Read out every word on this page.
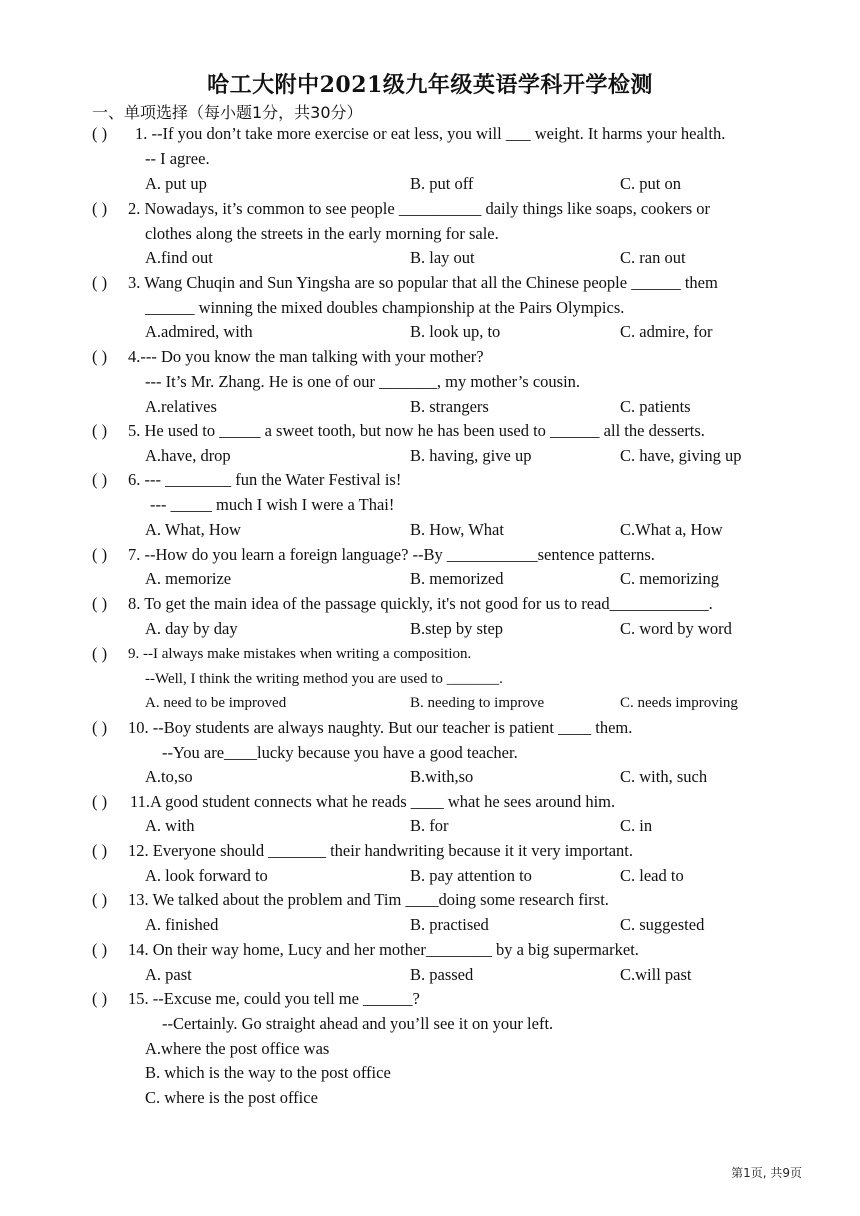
哈工大附中2021级九年级英语学科开学检测
一、单项选择（每小题1分，共30分）
( ) 1. --If you don’t take more exercise or eat less, you will ___ weight. It harms your health.
-- I agree.
A. put up	B. put off	C. put on
( ) 2. Nowadays, it’s common to see people __________ daily things like soaps, cookers or
clothes along the streets in the early morning for sale.
A.find out	B. lay out	C. ran out
( ) 3. Wang Chuqin and Sun Yingsha are so popular that all the Chinese people ______ them
______ winning the mixed doubles championship at the Pairs Olympics.
A.admired, with	B. look up, to	C. admire, for
( ) 4.--- Do you know the man talking with your mother?
--- It’s Mr. Zhang. He is one of our _______, my mother’s cousin.
A.relatives	B. strangers	C. patients
( ) 5. He used to _____ a sweet tooth, but now he has been used to ______ all the desserts.
A.have, drop	B. having, give up	C. have, giving up
( ) 6. --- ________ fun the Water Festival is!
--- _____ much I wish I were a Thai!
A. What, How	B. How, What	C.What a, How
( ) 7. --How do you learn a foreign language? --By ___________sentence patterns.
A. memorize	B. memorized	C. memorizing
( ) 8. To get the main idea of the passage quickly, it's not good for us to read____________.
A. day by day	B.step by step	C. word by word
( ) 9. --I always make mistakes when writing a composition.
--Well, I think the writing method you are used to _______.
A. need to be improved	B. needing to improve	C. needs improving
( ) 10. --Boy students are always naughty. But our teacher is patient ____ them.
--You are____lucky because you have a good teacher.
A.to,so	B.with,so	C. with, such
( ) 11.A good student connects what he reads ____ what he sees around him.
A. with	B. for	C. in
( ) 12. Everyone should _______ their handwriting because it it very important.
A. look forward to	B. pay attention to	C. lead to
( ) 13. We talked about the problem and Tim ____doing some research first.
A. finished	B. practised	C. suggested
( ) 14. On their way home, Lucy and her mother________ by a big supermarket.
A. past	B. passed	C.will past
( ) 15. --Excuse me, could you tell me ______?
--Certainly. Go straight ahead and you’ll see it on your left.
A.where the post office was
B. which is the way to the post office
C. where is the post office
第1页, 共9页
